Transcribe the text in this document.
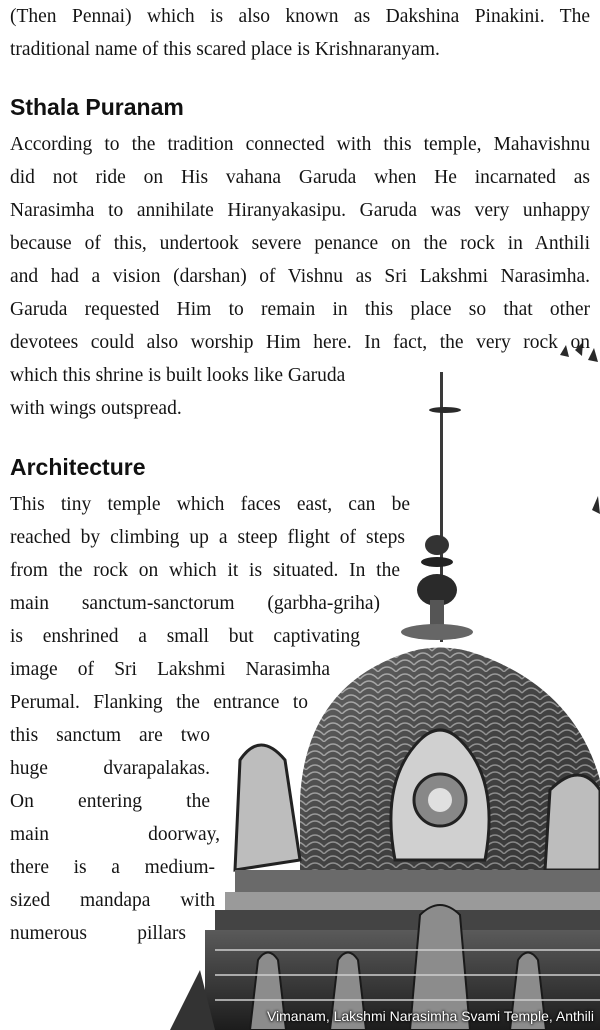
(Then Pennai) which is also known as Dakshina Pinakini. The

traditional name of this scared place is Krishnaranyam.

Sthala Puranam

According to the tradition connected with this temple, Mahavishnu

did not ride on His vahana Garuda when He incarnated as

Narasimha to annihilate Hiranyakasipu. Garuda was very unhappy

because of this, undertook severe penance on the rock in Anthili

and had a vision (darshan) of Vishnu as Sri Lakshmi Narasimha.

Garuda requested Him to remain in this place so that other

devotees could also worship Him here. In fact, the very rock on

which this shrine is built looks like Garuda

with wings outspread.

Architecture

This tiny temple which faces east, can be

reached by climbing up a steep flight of steps

from the rock on which it is situated. In the

main sanctum-sanctorum (garbha-griha)

is enshrined a small but captivating

image of Sri Lakshmi Narasimha

Perumal. Flanking the entrance to

this sanctum are two

huge dvarapalakas.

On entering the

main doorway,

there is a medium-

sized mandapa with

numerous pillars

Vimanam, Lakshmi Narasimha Svami Temple, Anthili
